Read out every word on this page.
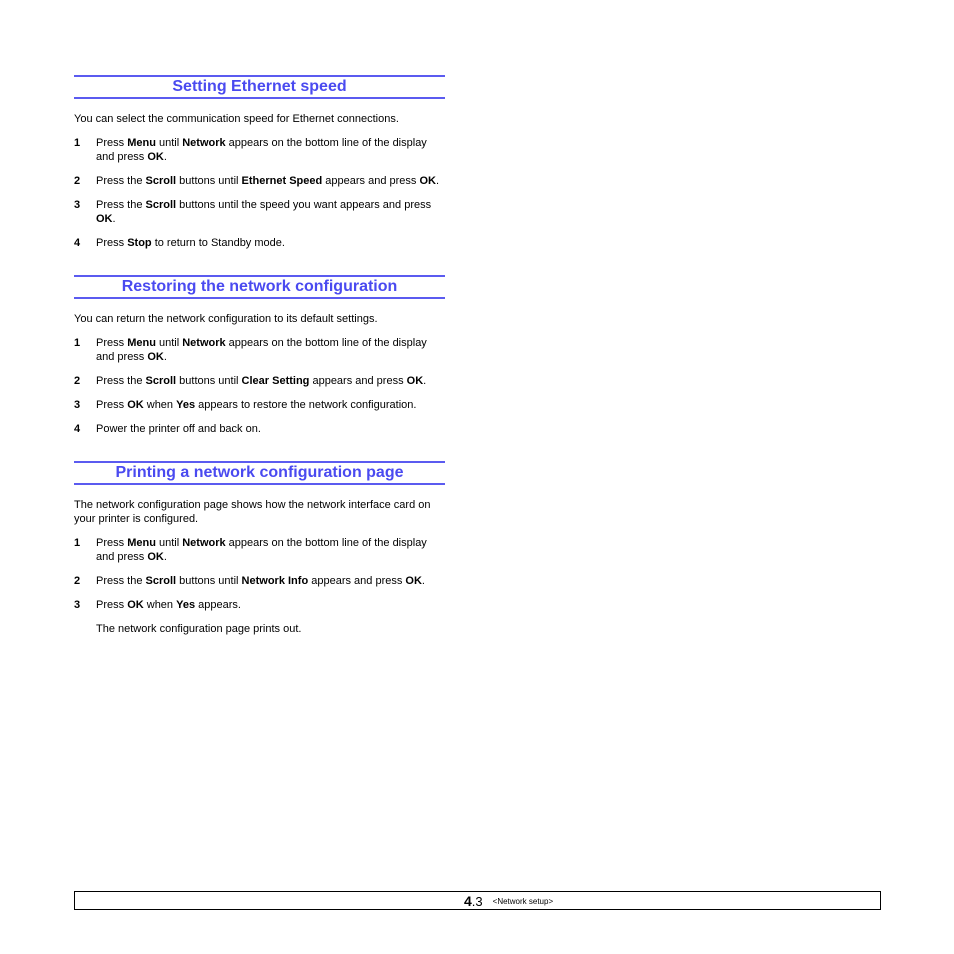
Setting Ethernet speed

You can select the communication speed for Ethernet connections.

1 Press Menu until Network appears on the bottom line of the display and press OK.
2 Press the Scroll buttons until Ethernet Speed appears and press OK.
3 Press the Scroll buttons until the speed you want appears and press OK.
4 Press Stop to return to Standby mode.
Restoring the network configuration

You can return the network configuration to its default settings.

1 Press Menu until Network appears on the bottom line of the display and press OK.
2 Press the Scroll buttons until Clear Setting appears and press OK.
3 Press OK when Yes appears to restore the network configuration.
4 Power the printer off and back on.
Printing a network configuration page

The network configuration page shows how the network interface card on your printer is configured.

1 Press Menu until Network appears on the bottom line of the display and press OK.
2 Press the Scroll buttons until Network Info appears and press OK.
3 Press OK when Yes appears.
The network configuration page prints out.
4.3 <Network setup>
